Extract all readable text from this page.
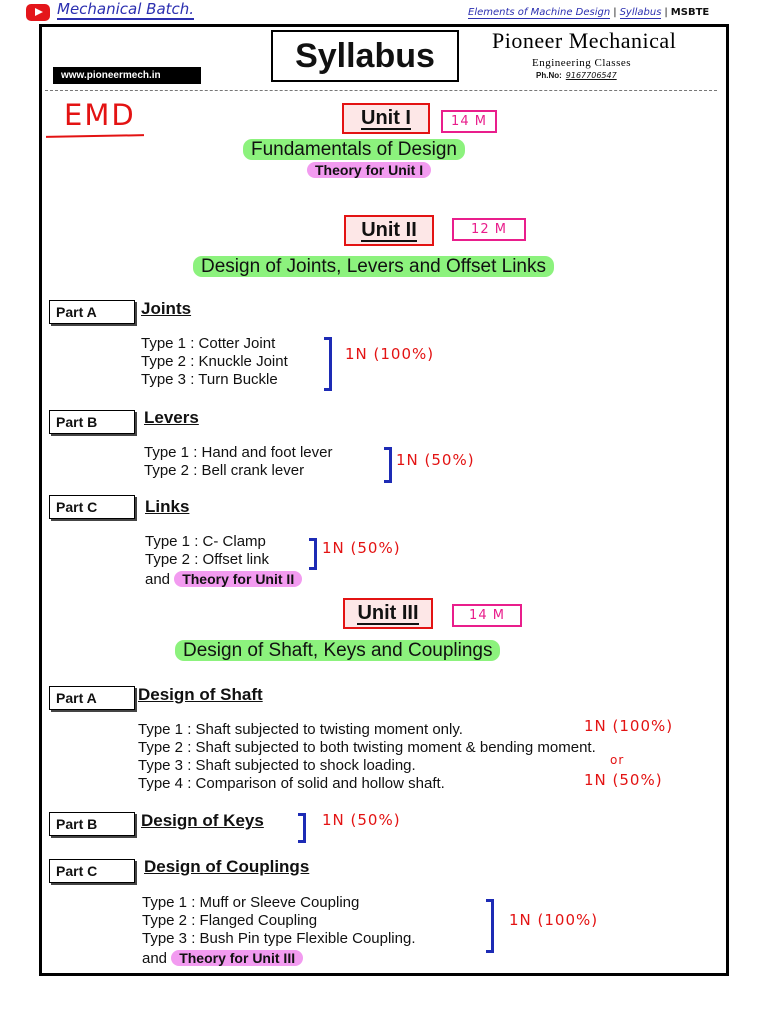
Mechanical Batch.	Elements of Machine Design | Syllabus | MSBTE
Syllabus
www.pioneermech.in
Pioneer Mechanical
Engineering Classes
Ph.No: 9167706547
EMD	Unit I	14 M
Fundamentals of Design
Theory for Unit I
Unit II	12 M
Design of Joints, Levers and Offset Links
Part A	Joints
Type 1 : Cotter Joint
Type 2 : Knuckle Joint
Type 3 : Turn Buckle
1N (100%)
Part B	Levers
Type 1 : Hand and foot lever
Type 2 : Bell crank lever
1N (50%)
Part C	Links
Type 1 : C- Clamp
Type 2 : Offset link
and Theory for Unit II
1N (50%)
Unit III	14 M
Design of Shaft, Keys and Couplings
Part A	Design of Shaft
Type 1 : Shaft subjected to twisting moment only.
Type 2 : Shaft subjected to both twisting moment & bending moment.
Type 3 : Shaft subjected to shock loading.
Type 4 : Comparison of solid and hollow shaft.
1N (100%)
or
1N (50%)
Part B	Design of Keys	1N (50%)
Part C	Design of Couplings
Type 1 : Muff or Sleeve Coupling
Type 2 : Flanged Coupling
Type 3 : Bush Pin type Flexible Coupling.
and Theory for Unit III
1N (100%)
